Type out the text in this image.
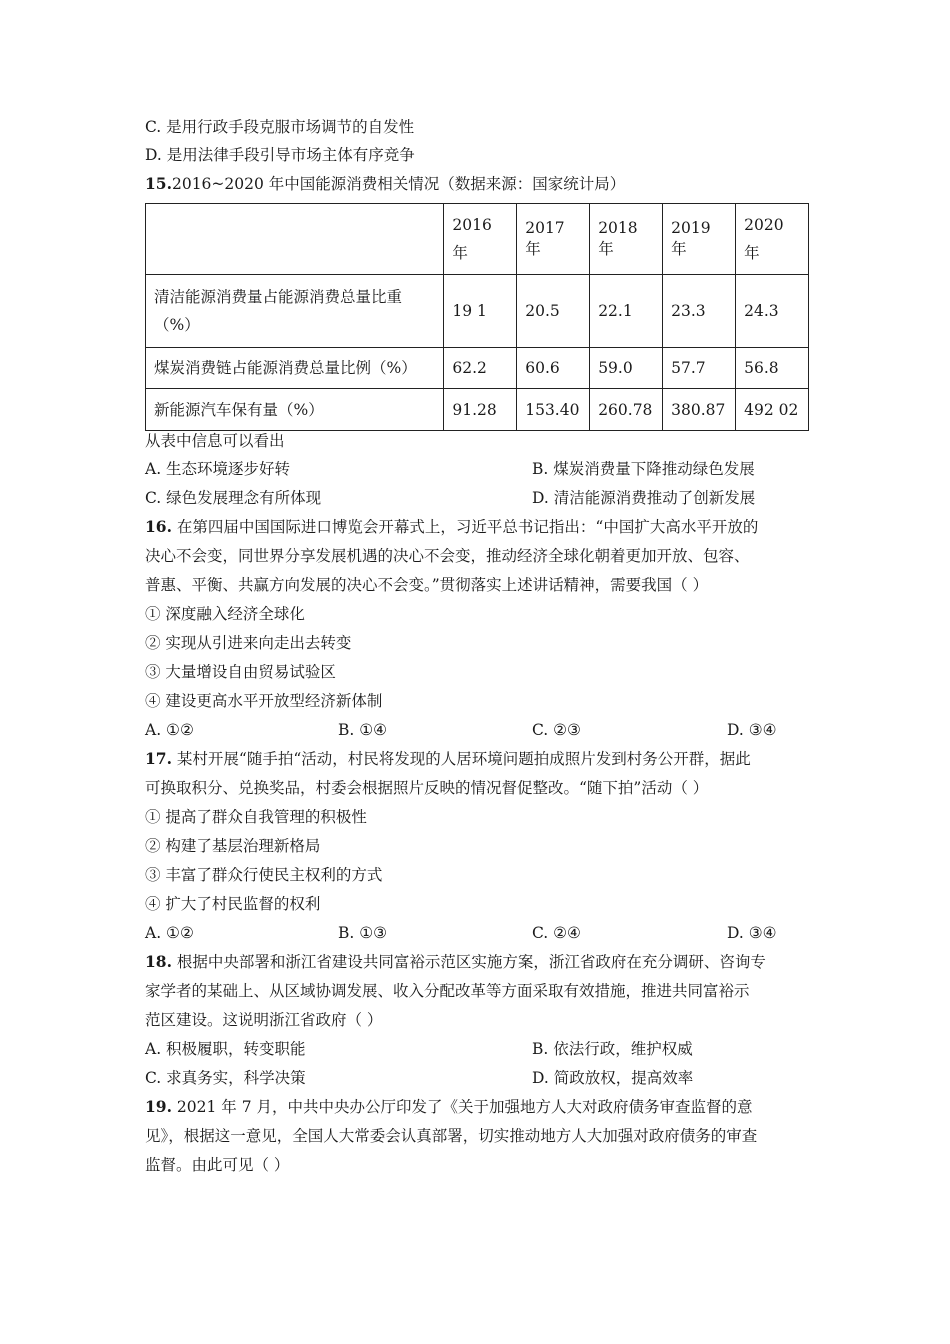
C. 是用行政手段克服市场调节的自发性
D. 是用法律手段引导市场主体有序竞争
15.2016~2020 年中国能源消费相关情况（数据来源：国家统计局）
	2016 年	2017 年	2018 年	2019 年	2020 年
清洁能源消费量占能源消费总量比重（%）	19 1	20.5	22.1	23.3	24.3
煤炭消费链占能源消费总量比例（%）	62.2	60.6	59.0	57.7	56.8
新能源汽车保有量（%）	91.28	153.40	260.78	380.87	492 02
从表中信息可以看出
A. 生态环境逐步好转	B. 煤炭消费量下降推动绿色发展
C. 绿色发展理念有所体现	D. 清洁能源消费推动了创新发展
16. 在第四届中国国际进口博览会开幕式上，习近平总书记指出：“中国扩大高水平开放的
决心不会变，同世界分享发展机遇的决心不会变，推动经济全球化朝着更加开放、包容、
普惠、平衡、共赢方向发展的决心不会变。”贯彻落实上述讲话精神，需要我国（ ）
① 深度融入经济全球化
② 实现从引进来向走出去转变
③ 大量增设自由贸易试验区
④ 建设更高水平开放型经济新体制
A. ①②	B. ①④	C. ②③	D. ③④
17. 某村开展“随手拍“活动，村民将发现的人居环境问题拍成照片发到村务公开群，据此
可换取积分、兑换奖品，村委会根据照片反映的情况督促整改。“随下拍”活动（ ）
① 提高了群众自我管理的积极性
② 构建了基层治理新格局
③ 丰富了群众行使民主权利的方式
④ 扩大了村民监督的权利
A. ①②	B. ①③	C. ②④	D. ③④
18. 根据中央部署和浙江省建设共同富裕示范区实施方案，浙江省政府在充分调研、咨询专
家学者的某础上、从区域协调发展、收入分配改革等方面采取有效措施，推进共同富裕示
范区建设。这说明浙江省政府（ ）
A. 积极履职，转变职能	B. 依法行政，维护权威
C. 求真务实，科学决策	D. 简政放权，提高效率
19. 2021 年 7 月，中共中央办公厅印发了《关于加强地方人大对政府债务审查监督的意
见》，根据这一意见，全国人大常委会认真部署，切实推动地方人大加强对政府债务的审查
监督。由此可见（ ）
